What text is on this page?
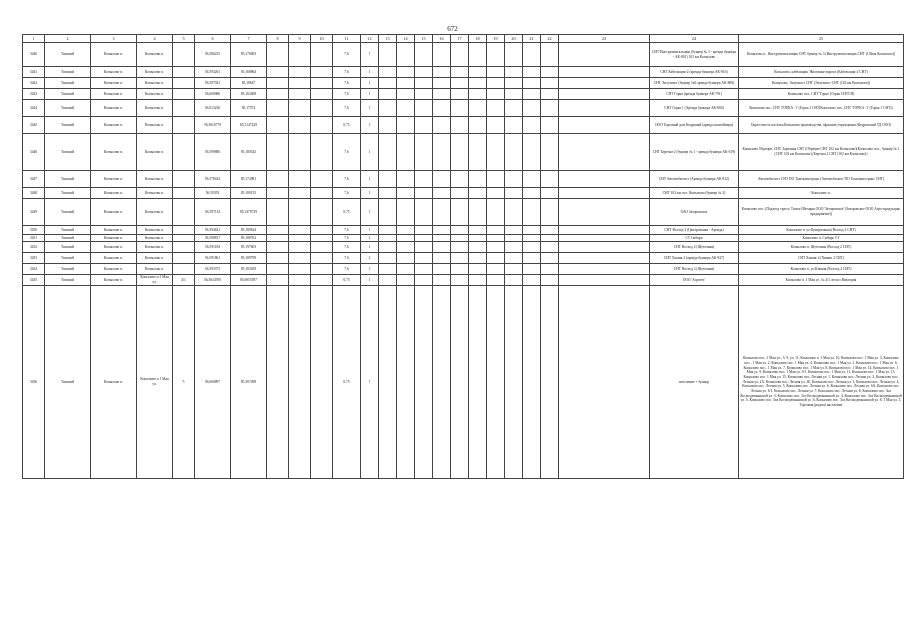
672
1	2	3	4	5	6	7	8	9	10	11	12	13	14	15	16	17	18	19	20	21	22	23	24	25
3440	Томский	Копылово п.	Копылово п.		56,586235	85,170693				7,6	1												СНТ Инструментальщик (бункер № 3 - аренда бункера - АК-801) 102 км Копылово	Копылово п., Инструментальщик СНТ бункер № 3 (Инструментальщик СНТ (102км.Копылово))
3441	Томский	Копылово п.	Копылово п.		56,593261	85,168864				7,6	1												СНТ Кабельщик-2 (аренда бункера АК-816)	Копылово, кабельщик 'Железные ворота (Кабельщик-2 СНТ)
3442	Томский	Копылово п.	Копылово п.		56,597023	85,18647				7,6	1												СНТ Энтузиаст (бункер №6 аренда бункера АК-808)	Копылово, Энтузиаст СНТ (Энтузиаст СНТ (102 км Копылово))
3443	Томский	Копылово п.	Копылово п.		56,600086	85,163408				7,6	1												СНТ Горка (аренда бункера АК-791)	Копылово пос. СНТ 'Горка' (Горка СНТСН)
3444	Томский	Копылово п.	Копылово п.		56,613236	85,17574				7,6	1												СНТ Горка 1 (Аренда бункера АК-804)	Копылово пос.,СНТ 'ГОРКА -1' (Горка 1 СНТ(Копылово пос.,СНТ 'ГОРКА -1' (Горка 1 СНТ))
3445	Томский	Копылово п.	Копылово п.		56,5616779	85,5147229				0,75	1												ООО Торговый дом Кедровый (аренда контейнера)	Окрестность посёлка Копылово производства, офисные учреждения (Кедровский ТД ООО)
3446	Томский	Копылово п.	Копылово п.		56,598886	85,180343				7,6	1												СНТ Березка-2 (бункер № 1 - аренда бункера АК-619)	Копылово Обрецие, СНТ. Заречная СНТ (Обрецие СНТ 102 км Копылово)(Копылово пос., бункер № 1 (СНТ 102 км Копылово) (Березка 2 СНТ (102 км Копылово))
3447	Томский	Копылово п.	Копылово п.		56,578434	85,172881				7,6	1												СНТ Автомобилист (Аренда бункера АК-812)	Автомобилист СНТ ПО Томскавтотранс (Автомобилист ПО Томскавтотранс СНТ)
3448	Томский	Копылово п.	Копылово п.		56,59353	85,109135				7,6	1												СНТ 102 км пос. Копылово (бункер № 3)	Копылово п.
3449	Томский	Копылово п.	Копылово п.		56,597134	85,1470729				0,75	1												ОАО Заторовское	Копылово пос. (Подъезд трассу Томск-Шегарка ООО 'Заторовское' (Заторовское ООО Агро-продукция, предприятие))
3450	Томский	Копылово п.	Копылово п.		56,594621	85,189624				7,6	1												СНТ Восход 2 (Центральная - Аренда)	Копылово п. ул.Центральная (Восход 2 СНТ)
3451	Томский	Копылово п.	Копылово п.		56,598817	85,180762				7,6	2												СТ Сибирь	Копылово п. Сибирь СТ
3452	Томский	Копылово п.	Копылово п.		56,591184	85,197603				7,6	1												СНТ Восход 2 (Щеточная)	Копылово п. Щеточная (Восход 2 СНТ)
3453	Томский	Копылово п.	Копылово п.		56,591861	85,189799				7,6	2												СНТ Химик 2 (аренда бункера АК-827)	СНТ Химик-2 (Химик 2 СНТ)
3454	Томский	Копылово п.	Копылово п.		56,593375	85,183459				7,6	1												СНТ Восход 2 (Щеточная)	Копылово п. ул.Южная (Восход 2 СНТ)
3455	Томский	Копылово п.	Копылово п.1 Мая ул.	4/1	56,5634700	85,6955587				0,75	1												ООО 'Агротех'	Копылово п. 1 Мая ул. № 4/1 лесхоз Виктория
3456	Томский	Копылово п.	Копылово п.1 Мая ул.	5	56,606897	85,307498				0,75	1												население + бункер	Копылово пос. 1 Мая ул., 5, 9, ул. 11, Копылово п. 1 Мая ул. 10, Копылово пос. 1 Мая ул. 3, Копылово пос., 1 Мая ул. 2, Копылово пос. 1 Мая ул. 4, Копылово пос. 1 Мая ул. 1, Копылово пос. 1 Мая ул. 6, Копылово пос., 1 Мая ул. 7, Копылово пос. 1 Мая ул. 8, Копылово пос. 1 Мая ул. 14, Копылово пос. 1 Мая ул. 9, Копылово пос. 1 Мая ул. 9/1, Копылово пос. 1 Мая ул. 11, Копылово пос. 1 Мая ул. 13, Копылово пос. 1 Мая ул. 15, Копылово пос. Лесная ул. 1, Копылово пос. Лесная ул. 2, Копылово пос. Лесная ул. 2А, Копылово пос. Лесная ул. 2Б, Копылово пос. Лесная ул. 3, Копылово пос. Лесная ул. 4, Копылово пос. Лесная ул. 5, Копылово пос. Лесная ул. 6, Копылово пос. Лесная ул. 6А, Копылово пос. Лесная ул. 6/1, Копылово пос. Лесная ул. 7, Копылово пос. Лесная ул. 8, Копылово пос. Зол Космодемьянской ул. 3, Копылово пос. Зол Космодемьянской ул. 4, Копылово пос. Зол Космодемьянской ул. 5, Копылово пос. Зол Космодемьянской ул. 6, Копылово пос. Зол Космодемьянской ул. 8, 1 Мая ул. 5, Торговая (рядом) население
